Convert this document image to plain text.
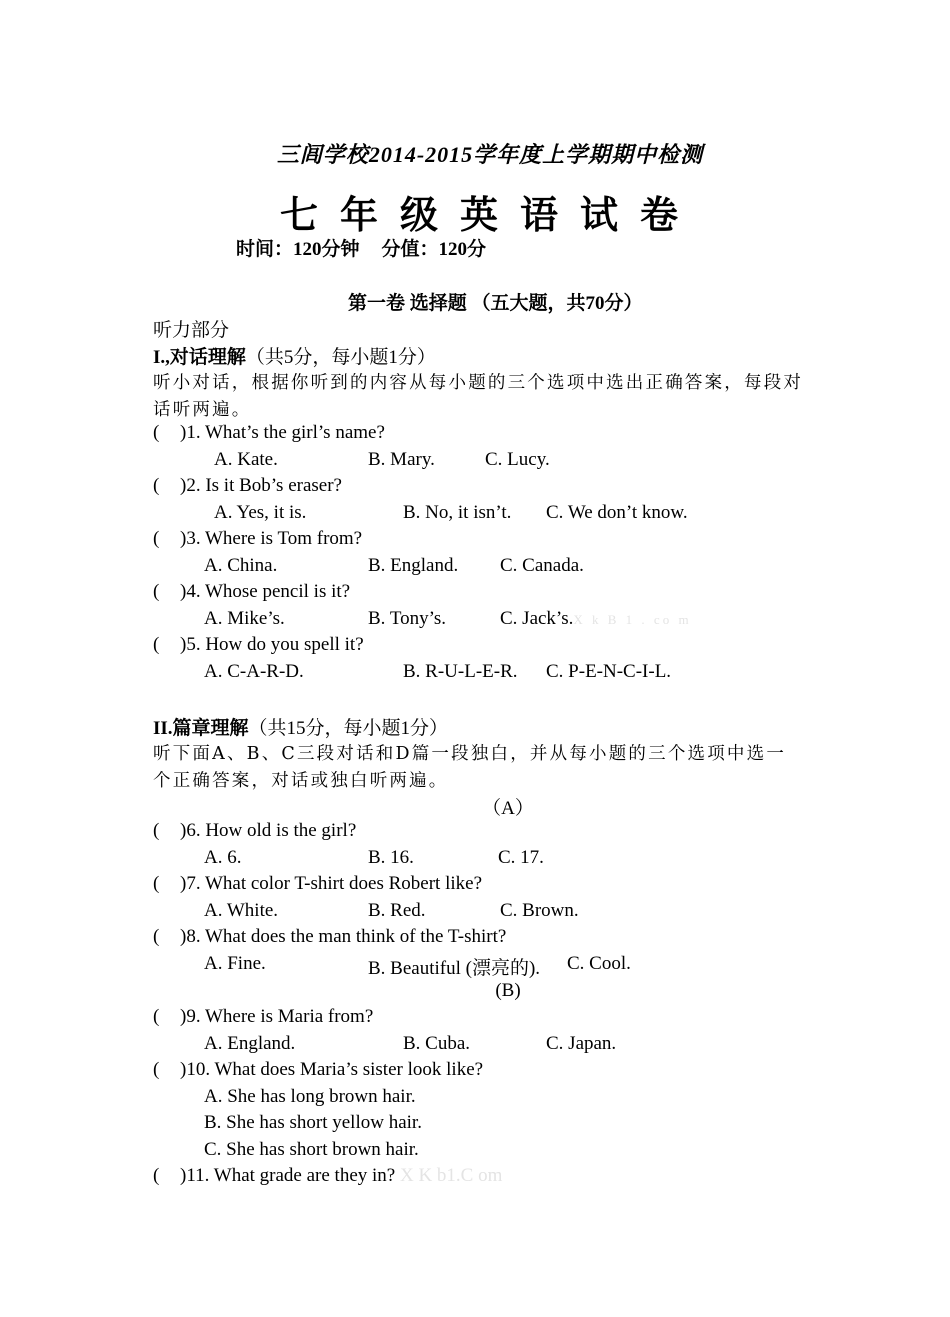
三闾学校2014-2015学年度上学期期中检测
七年级英语试卷
时间：120分钟 分值：120分
第一卷 选择题 （五大题，共70分）
听力部分
I.,对话理解（共5分，每小题1分）
听小对话，根据你听到的内容从每小题的三个选项中选出正确答案，每段对
话听两遍。
( )1. What’s the girl’s name?
A. Kate.	B. Mary.	C. Lucy.
( )2. Is it Bob’s eraser?
A. Yes, it is.	B. No, it isn’t. C. We don’t know.
( )3. Where is Tom from?
A. China.	B. England. C. Canada.
( )4. Whose pencil is it?
A. Mike’s.	B. Tony’s.	C. Jack’s.X k B 1 . co m
( )5. How do you spell it?
A. C-A-R-D.	B. R-U-L-E-R. C. P-E-N-C-I-L.
II.篇章理解（共15分，每小题1分）
听下面A、B、C三段对话和D篇一段独白，并从每小题的三个选项中选一
个正确答案，对话或独白听两遍。
（A）
( )6. How old is the girl?
A. 6.	B. 16.	C. 17.
( )7. What color T-shirt does Robert like?
A. White.	B. Red.	C. Brown.
( )8. What does the man think of the T-shirt?
A. Fine.	B. Beautiful (漂亮的). C. Cool.
(B)
( )9. Where is Maria from?
A. England.	B. Cuba.	C. Japan.
( )10. What does Maria’s sister look like?
A. She has long brown hair.
B. She has short yellow hair.
C. She has short brown hair.
( )11. What grade are they in? X K b1.C om
